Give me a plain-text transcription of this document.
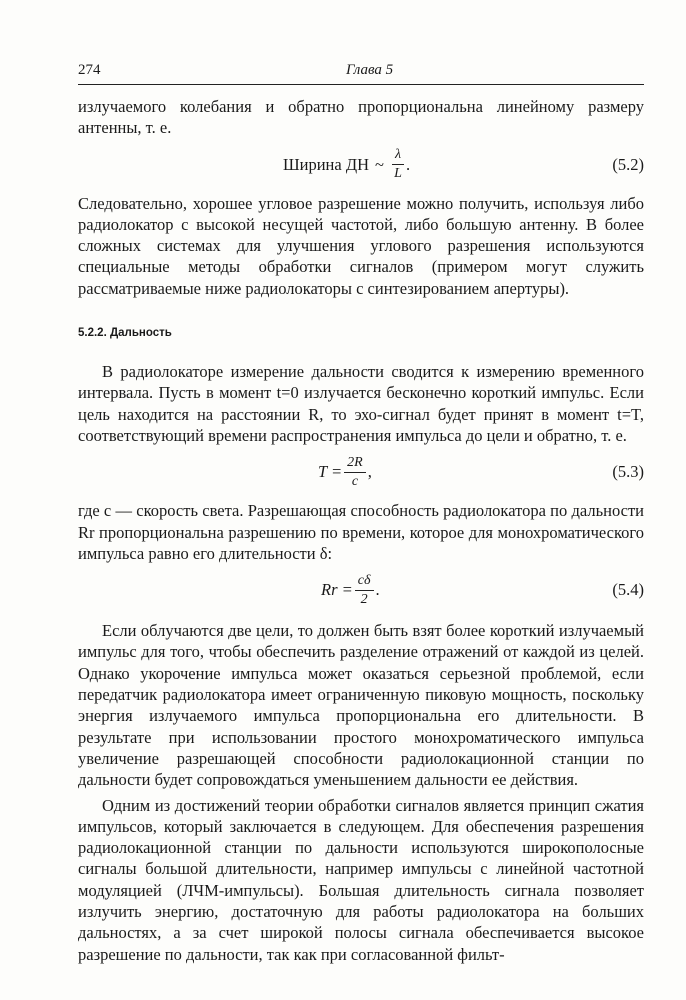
274	Глава 5

излучаемого колебания и обратно пропорциональна линейному размеру антенны, т. е.

Ширина ДН ~ $\frac{\lambda}{L}$ .	(5.2)

Следовательно, хорошее угловое разрешение можно получить, используя либо радиолокатор с высокой несущей частотой, либо большую антенну. В более сложных системах для улучшения углового разрешения используются специальные методы обработки сигналов (примером могут служить рассматриваемые ниже радиолокаторы с синтезированием апертуры).

5.2.2. Дальность

В радиолокаторе измерение дальности сводится к измерению временного интервала. Пусть в момент t=0 излучается бесконечно короткий импульс. Если цель находится на расстоянии R, то эхо-сигнал будет принят в момент t=T, соответствующий времени распространения импульса до цели и обратно, т. е.

$T = \frac{2R}{c}$ ,	(5.3)

где c — скорость света. Разрешающая способность радиолокатора по дальности Rr пропорциональна разрешению по времени, которое для монохроматического импульса равно его длительности δ:

$Rr = \frac{c\delta}{2}$ .	(5.4)

Если облучаются две цели, то должен быть взят более короткий излучаемый импульс для того, чтобы обеспечить разделение отражений от каждой из целей. Однако укорочение импульса может оказаться серьезной проблемой, если передатчик радиолокатора имеет ограниченную пиковую мощность, поскольку энергия излучаемого импульса пропорциональна его длительности. В результате при использовании простого монохроматического импульса увеличение разрешающей способности радиолокационной станции по дальности будет сопровождаться уменьшением дальности ее действия.

Одним из достижений теории обработки сигналов является принцип сжатия импульсов, который заключается в следующем. Для обеспечения разрешения радиолокационной станции по дальности используются широкополосные сигналы большой длительности, например импульсы с линейной частотной модуляцией (ЛЧМ-импульсы). Большая длительность сигнала позволяет излучить энергию, достаточную для работы радиолокатора на больших дальностях, а за счет широкой полосы сигнала обеспечивается высокое разрешение по дальности, так как при согласованной фильт-
